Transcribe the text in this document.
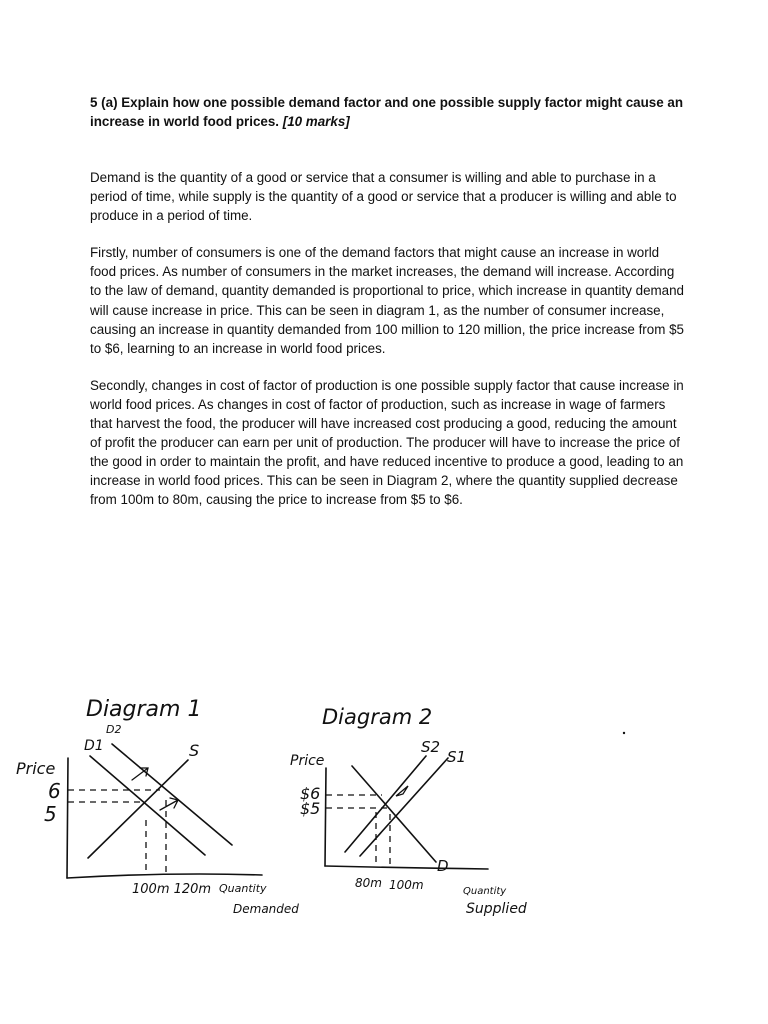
5 (a) Explain how one possible demand factor and one possible supply factor might cause an increase in world food prices. [10 marks]

Demand is the quantity of a good or service that a consumer is willing and able to purchase in a period of time, while supply is the quantity of a good or service that a producer is willing and able to produce in a period of time.

Firstly, number of consumers is one of the demand factors that might cause an increase in world food prices. As number of consumers in the market increases, the demand will increase. According to the law of demand, quantity demanded is proportional to price, which increase in quantity demand will cause increase in price. This can be seen in diagram 1, as the number of consumer increase, causing an increase in quantity demanded from 100 million to 120 million, the price increase from $5 to $6, learning to an increase in world food prices.

Secondly, changes in cost of factor of production is one possible supply factor that cause increase in world food prices. As changes in cost of factor of production, such as increase in wage of farmers that harvest the food, the producer will have increased cost producing a good, reducing the amount of profit the producer can earn per unit of production. The producer will have to increase the price of the good in order to maintain the profit, and have reduced incentive to produce a good, leading to an increase in world food prices. This can be seen in Diagram 2, where the quantity supplied decrease from 100m to 80m, causing the price to increase from $5 to $6.

Diagram 1
Price
6
5
D1
D2
S
100m 120m Quantity
Demanded
Diagram 2
Price
$6
$5
S2
S1
D
80m 100m	Quantity
Supplied
